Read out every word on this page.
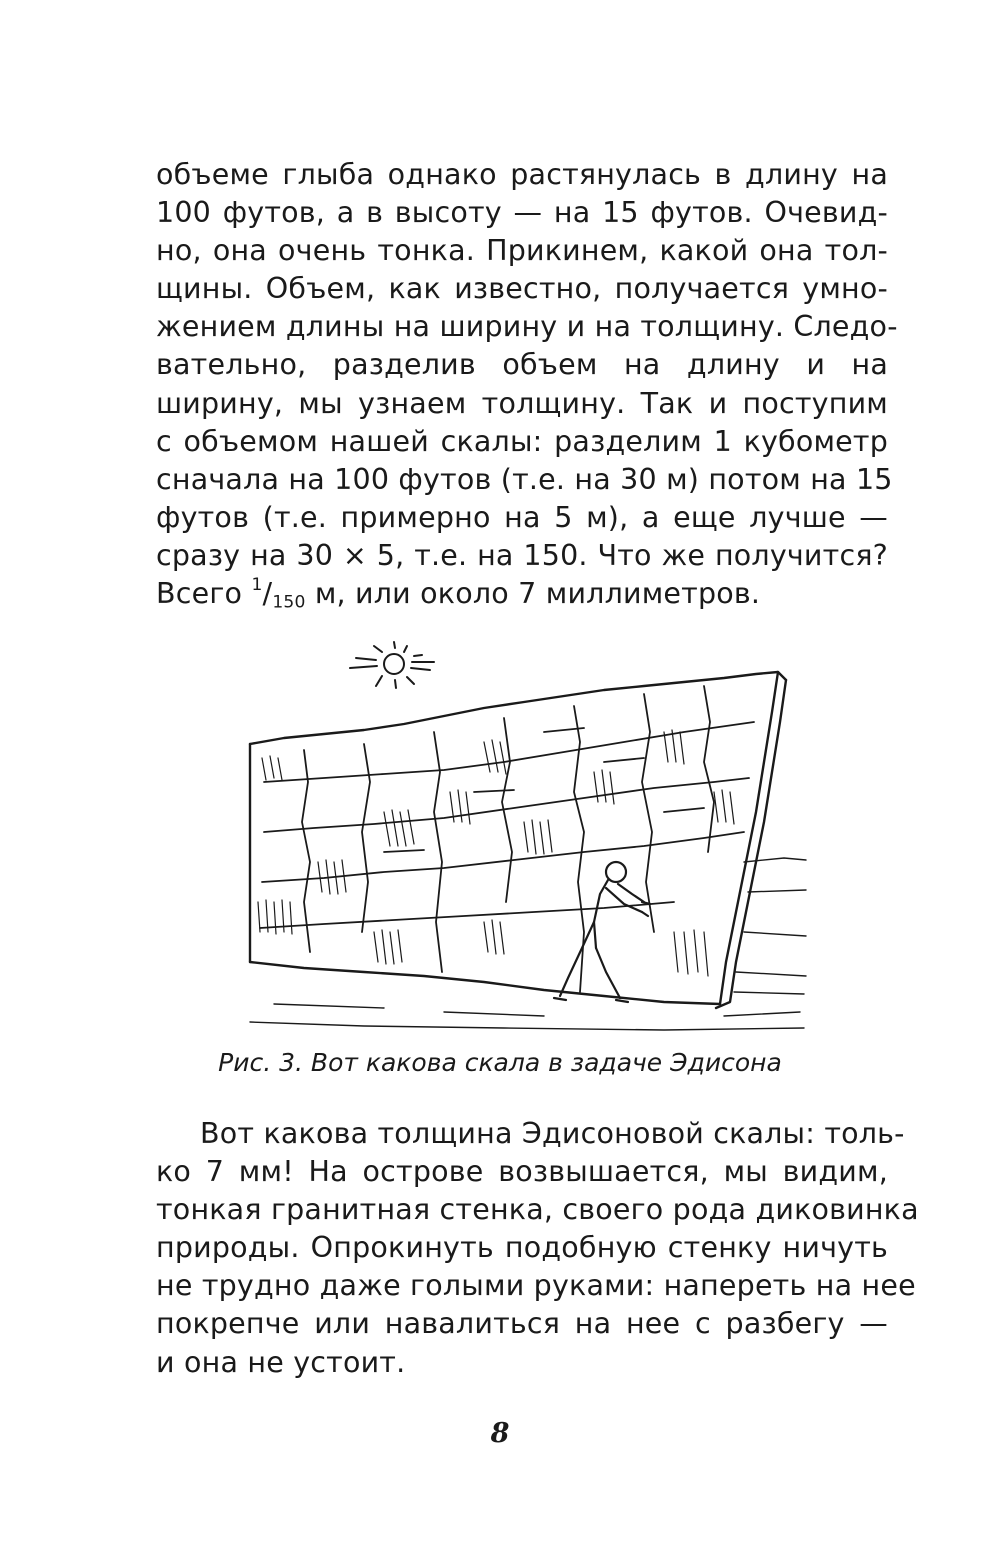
объеме глыба однако растянулась в длину на
100 футов, а в высоту — на 15 футов. Очевид-
но, она очень тонка. Прикинем, какой она тол-
щины. Объем, как известно, получается умно-
жением длины на ширину и на толщину. Следо-
вательно, разделив объем на длину и на
ширину, мы узнаем толщину. Так и поступим
с объемом нашей скалы: разделим 1 кубометр
сначала на 100 футов (т.е. на 30 м) потом на 15
футов (т.е. примерно на 5 м), а еще лучше —
сразу на 30 × 5, т.е. на 150. Что же получится?
Всего $^1/_{150}$ м, или около 7 миллиметров.
Рис. 3. Вот какова скала в задаче Эдисона
Вот какова толщина Эдисоновой скалы: толь-
ко 7 мм! На острове возвышается, мы видим,
тонкая гранитная стенка, своего рода диковинка
природы. Опрокинуть подобную стенку ничуть
не трудно даже голыми руками: напереть на нее
покрепче или навалиться на нее с разбегу —
и она не устоит.
8
